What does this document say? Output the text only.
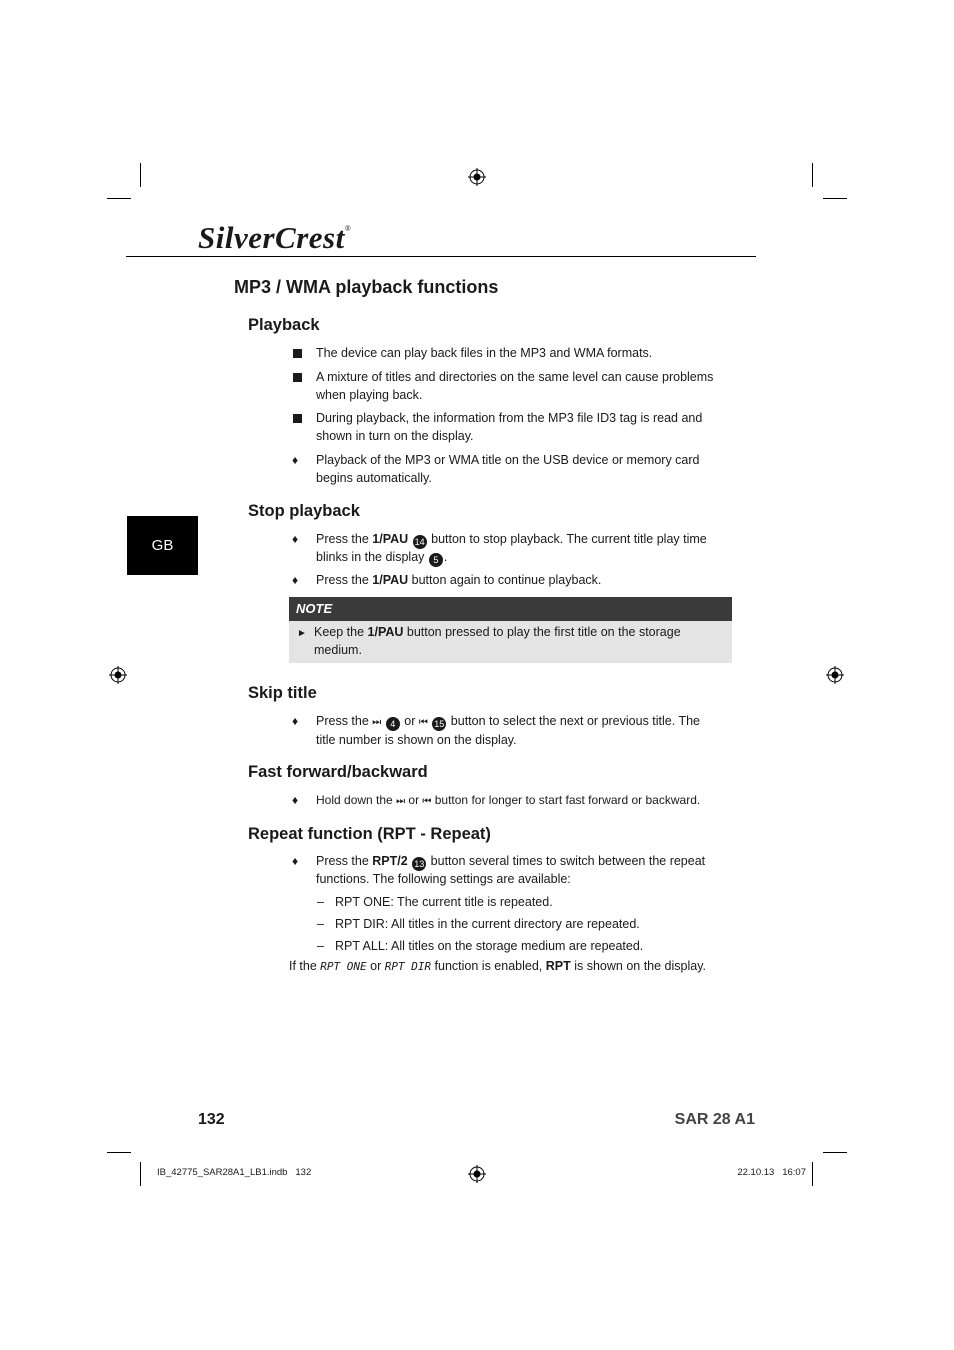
SilverCrest®
GB
MP3 / WMA playback functions
Playback
The device can play back files in the MP3 and WMA formats.
A mixture of titles and directories on the same level can cause problems when playing back.
During playback, the information from the MP3 file ID3 tag is read and shown in turn on the display.
♦ Playback of the MP3 or WMA title on the USB device or memory card begins automatically.
Stop playback
♦ Press the 1/PAU 14 button to stop playback. The current title play time blinks in the display 5 .
♦ Press the 1/PAU button again to continue playback.
NOTE
► Keep the 1/PAU button pressed to play the first title on the storage medium.
Skip title
♦ Press the ⏭ 4 or ⏮ 15 button to select the next or previous title. The title number is shown on the display.
Fast forward/backward
♦ Hold down the ⏭ or ⏮ button for longer to start fast forward or backward.
Repeat function (RPT - Repeat)
♦ Press the RPT/2 13 button several times to switch between the repeat functions. The following settings are available:
– RPT ONE: The current title is repeated.
– RPT DIR: All titles in the current directory are repeated.
– RPT ALL: All titles on the storage medium are repeated.
If the RPT ONE or RPT DIR function is enabled, RPT is shown on the display.
132	SAR 28 A1
IB_42775_SAR28A1_LB1.indb   132	22.10.13   16:07
